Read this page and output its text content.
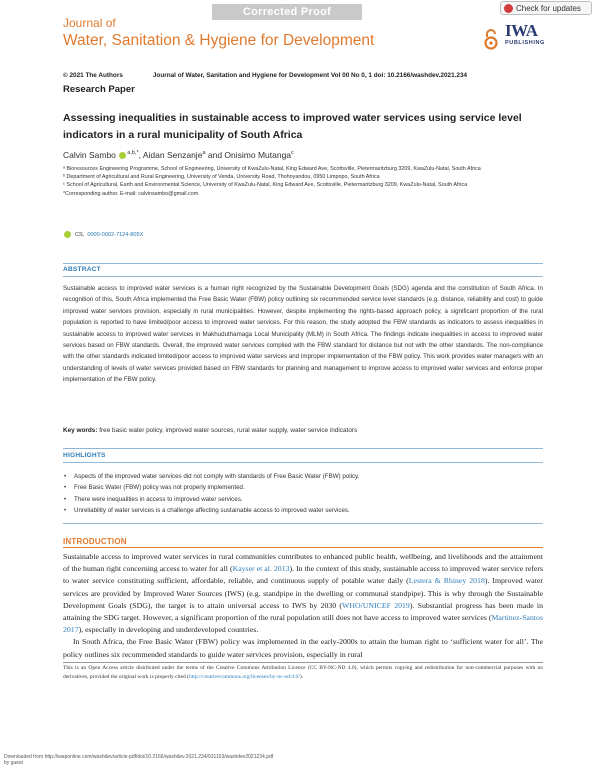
Corrected Proof
Journal of
Water, Sanitation & Hygiene for Development
Check for updates
IWA
PUBLISHING
© 2021 The Authors	Journal of Water, Sanitation and Hygiene for Development Vol 00 No 0, 1 doi: 10.2166/washdev.2021.234
Research Paper
Assessing inequalities in sustainable access to improved water services using service level indicators in a rural municipality of South Africa
Calvin Sambo $^{a,b,*}$, Aidan Senzanje$^a$ and Onisimo Mutanga$^c$
ᵃ Bioresources Engineering Programme, School of Engineering, University of KwaZulu-Natal, King Edward Ave, Scottsville, Pietermaritzburg 3209, KwaZulu-Natal, South Africa
ᵇ Department of Agricultural and Rural Engineering, University of Venda, University Road, Thohoyandou, 0950 Limpopo, South Africa
ᶜ School of Agricultural, Earth and Environmental Science, University of KwaZulu-Natal, King Edward Ave, Scottsville, Pietermaritzburg 3209, KwaZulu-Natal, South Africa
*Corresponding author. E-mail: calvinsambo@gmail.com
CS, 0000-0002-7124-805X
ABSTRACT
Sustainable access to improved water services is a human right recognized by the Sustainable Development Goals (SDG) agenda and the constitution of South Africa. In recognition of this, South Africa implemented the Free Basic Water (FBW) policy outlining six recommended service level standards (e.g. distance, reliability and cost) to guide improved water services provision, especially in rural municipalities. However, despite implementing the rights-based approach policy, a significant proportion of the rural population is reported to have limited/poor access to improved water services. For this reason, the study adopted the FBW standards as indicators to assess inequalities in sustainable access to improved water services in Makhuduthamaga Local Municipality (MLM) in South Africa. The findings indicate inequalities in access to improved water services based on FBW standards. Overall, the improved water services complied with the FBW standard for distance but not with the other standards. The non-compliance with the other standards indicated limited/poor access to improved water services and improper implementation of the FBW policy. This work provides water managers with an understanding of levels of water services provided based on FBW standards for planning and management to improve access to improved water services and enforce proper implementation of the FBW policy.
Key words: free basic water policy, improved water sources, rural water supply, water service indicators
HIGHLIGHTS
• Aspects of the improved water services did not comply with standards of Free Basic Water (FBW) policy.
• Free Basic Water (FBW) policy was not properly implemented.
• There were inequalities in access to improved water services.
• Unreliability of water services is a challenge affecting sustainable access to improved water services.
INTRODUCTION

Sustainable access to improved water services in rural communities contributes to enhanced public health, wellbeing, and livelihoods and the attainment of the human right concerning access to water for all (Kayser et al. 2013). In the context of this study, sustainable access to improved water service refers to water service constituting sufficient, affordable, reliable, and continuous supply of potable water daily (Lestera & Rhiney 2018). Improved water services are provided by Improved Water Sources (IWS) (e.g. standpipe in the dwelling or communal standpipe). This is why through the Sustainable Development Goals (SDG), the target is to attain universal access to IWS by 2030 (WHO/UNICEF 2019). Substantial progress has been made in attaining the SDG target. However, a significant proportion of the rural population still does not have access to improved water services (Martinez-Santos 2017), especially in developing and underdeveloped countries.

In South Africa, the Free Basic Water (FBW) policy was implemented in the early-2000s to attain the human right to ‘sufficient water for all’. The policy outlines six recommended standards to guide water services provision, especially in rural

This is an Open Access article distributed under the terms of the Creative Commons Attribution Licence (CC BY-NC-ND 4.0), which permits copying and redistribution for non-commercial purposes with no derivatives, provided the original work is properly cited (http://creativecommons.org/licenses/by-nc-nd/4.0/).
Downloaded from http://iwaponline.com/washdev/article-pdf/doi/10.2166/washdev.2021.234/931103/washdev2021234.pdf
by guest
